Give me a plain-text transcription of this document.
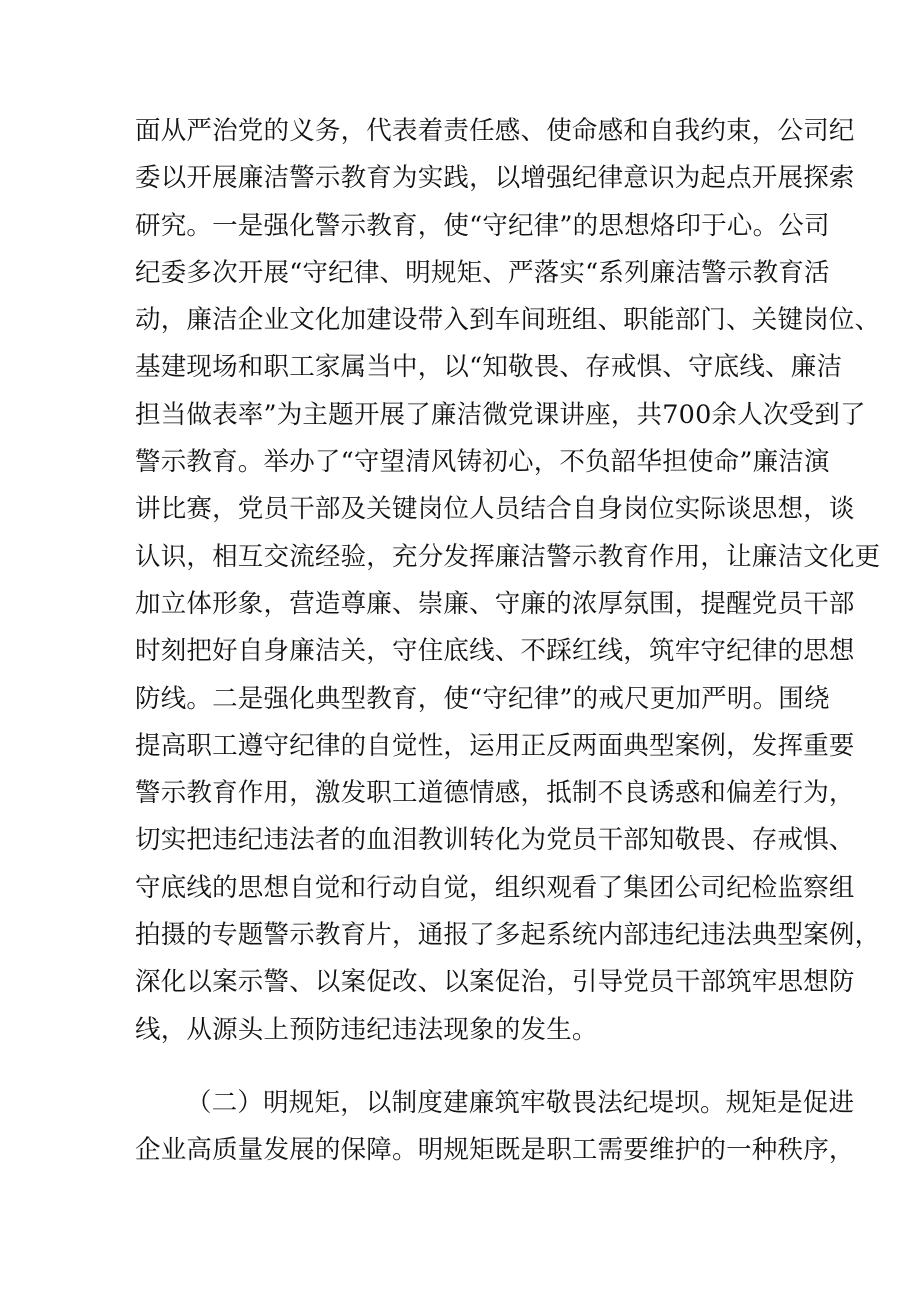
面从严治党的义务，代表着责任感、使命感和自我约束，公司纪
委以开展廉洁警示教育为实践，以增强纪律意识为起点开展探索
研究。一是强化警示教育，使“守纪律”的思想烙印于心。公司
纪委多次开展“守纪律、明规矩、严落实“系列廉洁警示教育活
动，廉洁企业文化加建设带入到车间班组、职能部门、关键岗位、
基建现场和职工家属当中，以“知敬畏、存戒惧、守底线、廉洁
担当做表率”为主题开展了廉洁微党课讲座，共700余人次受到了
警示教育。举办了“守望清风铸初心，不负韶华担使命”廉洁演
讲比赛，党员干部及关键岗位人员结合自身岗位实际谈思想，谈
认识，相互交流经验，充分发挥廉洁警示教育作用，让廉洁文化更
加立体形象，营造尊廉、崇廉、守廉的浓厚氛围，提醒党员干部
时刻把好自身廉洁关，守住底线、不踩红线，筑牢守纪律的思想
防线。二是强化典型教育，使“守纪律”的戒尺更加严明。围绕
提高职工遵守纪律的自觉性，运用正反两面典型案例，发挥重要
警示教育作用，激发职工道德情感，抵制不良诱惑和偏差行为，
切实把违纪违法者的血泪教训转化为党员干部知敬畏、存戒惧、
守底线的思想自觉和行动自觉，组织观看了集团公司纪检监察组
拍摄的专题警示教育片，通报了多起系统内部违纪违法典型案例，
深化以案示警、以案促改、以案促治，引导党员干部筑牢思想防
线，从源头上预防违纪违法现象的发生。
（二）明规矩，以制度建廉筑牢敬畏法纪堤坝。规矩是促进
企业高质量发展的保障。明规矩既是职工需要维护的一种秩序，
